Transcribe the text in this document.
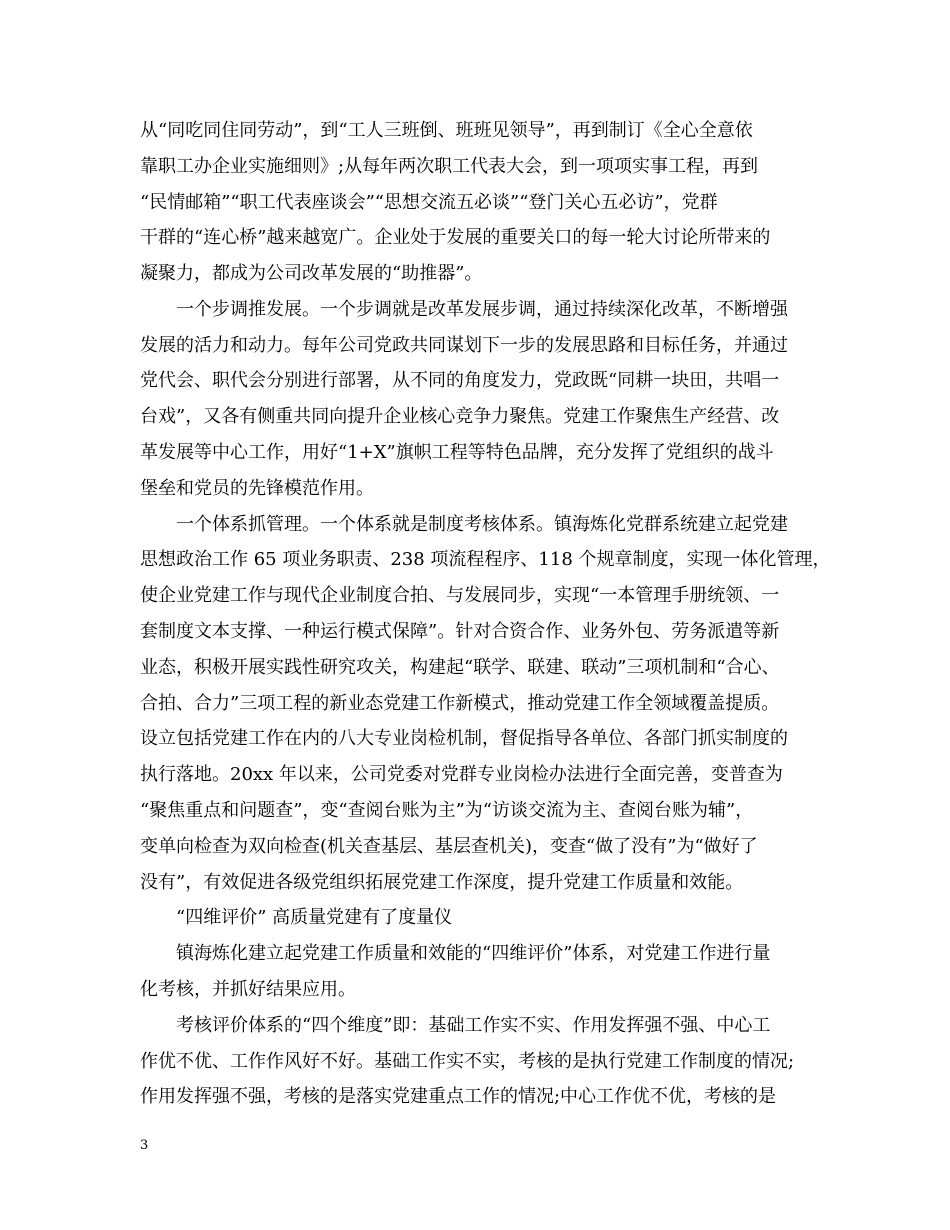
从“同吃同住同劳动”，到“工人三班倒、班班见领导”，再到制订《全心全意依
靠职工办企业实施细则》;从每年两次职工代表大会，到一项项实事工程，再到
“民情邮箱”“职工代表座谈会”“思想交流五必谈”“登门关心五必访”，党群
干群的“连心桥”越来越宽广。企业处于发展的重要关口的每一轮大讨论所带来的
凝聚力，都成为公司改革发展的“助推器”。
一个步调推发展。一个步调就是改革发展步调，通过持续深化改革，不断增强
发展的活力和动力。每年公司党政共同谋划下一步的发展思路和目标任务，并通过
党代会、职代会分别进行部署，从不同的角度发力，党政既“同耕一块田，共唱一
台戏”，又各有侧重共同向提升企业核心竞争力聚焦。党建工作聚焦生产经营、改
革发展等中心工作，用好“1+X”旗帜工程等特色品牌，充分发挥了党组织的战斗
堡垒和党员的先锋模范作用。
一个体系抓管理。一个体系就是制度考核体系。镇海炼化党群系统建立起党建
思想政治工作 65 项业务职责、238 项流程程序、118 个规章制度，实现一体化管理，
使企业党建工作与现代企业制度合拍、与发展同步，实现“一本管理手册统领、一
套制度文本支撑、一种运行模式保障”。针对合资合作、业务外包、劳务派遣等新
业态，积极开展实践性研究攻关，构建起“联学、联建、联动”三项机制和“合心、
合拍、合力”三项工程的新业态党建工作新模式，推动党建工作全领域覆盖提质。
设立包括党建工作在内的八大专业岗检机制，督促指导各单位、各部门抓实制度的
执行落地。20xx 年以来，公司党委对党群专业岗检办法进行全面完善，变普查为
“聚焦重点和问题查”，变“查阅台账为主”为“访谈交流为主、查阅台账为辅”，
变单向检查为双向检查(机关查基层、基层查机关)，变查“做了没有”为“做好了
没有”，有效促进各级党组织拓展党建工作深度，提升党建工作质量和效能。
“四维评价” 高质量党建有了度量仪
镇海炼化建立起党建工作质量和效能的“四维评价”体系，对党建工作进行量
化考核，并抓好结果应用。
考核评价体系的“四个维度”即：基础工作实不实、作用发挥强不强、中心工
作优不优、工作作风好不好。基础工作实不实，考核的是执行党建工作制度的情况;
作用发挥强不强，考核的是落实党建重点工作的情况;中心工作优不优，考核的是
3
